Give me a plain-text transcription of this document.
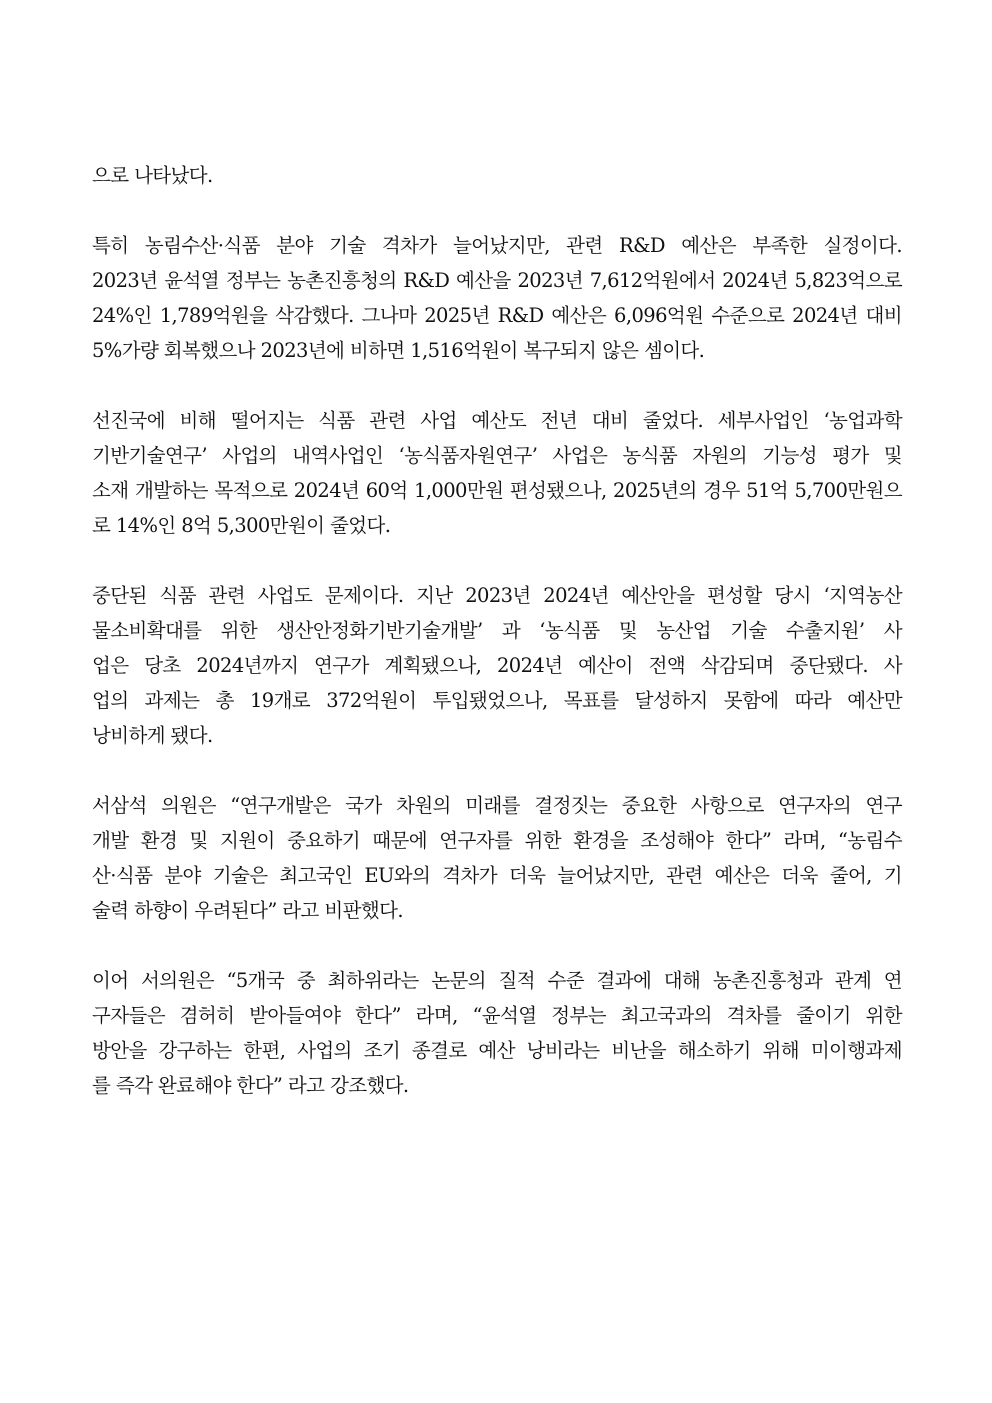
으로 나타났다.
특히 농림수산·식품 분야 기술 격차가 늘어났지만, 관련 R&D 예산은 부족한 실정이다.
2023년 윤석열 정부는 농촌진흥청의 R&D 예산을 2023년 7,612억원에서 2024년 5,823억으로
24%인 1,789억원을 삭감했다. 그나마 2025년 R&D 예산은 6,096억원 수준으로 2024년 대비
5%가량 회복했으나 2023년에 비하면 1,516억원이 복구되지 않은 셈이다.
선진국에 비해 떨어지는 식품 관련 사업 예산도 전년 대비 줄었다. 세부사업인 ‘농업과학
기반기술연구’ 사업의 내역사업인 ‘농식품자원연구’ 사업은 농식품 자원의 기능성 평가 및
소재 개발하는 목적으로 2024년 60억 1,000만원 편성됐으나, 2025년의 경우 51억 5,700만원으
로 14%인 8억 5,300만원이 줄었다.
중단된 식품 관련 사업도 문제이다. 지난 2023년 2024년 예산안을 편성할 당시 ‘지역농산
물소비확대를 위한 생산안정화기반기술개발’ 과 ‘농식품 및 농산업 기술 수출지원’ 사
업은 당초 2024년까지 연구가 계획됐으나, 2024년 예산이 전액 삭감되며 중단됐다. 사
업의 과제는 총 19개로 372억원이 투입됐었으나, 목표를 달성하지 못함에 따라 예산만
낭비하게 됐다.
서삼석 의원은 “연구개발은 국가 차원의 미래를 결정짓는 중요한 사항으로 연구자의 연구
개발 환경 및 지원이 중요하기 때문에 연구자를 위한 환경을 조성해야 한다” 라며, “농림수
산·식품 분야 기술은 최고국인 EU와의 격차가 더욱 늘어났지만, 관련 예산은 더욱 줄어, 기
술력 하향이 우려된다” 라고 비판했다.
이어 서의원은 “5개국 중 최하위라는 논문의 질적 수준 결과에 대해 농촌진흥청과 관계 연
구자들은 겸허히 받아들여야 한다” 라며, “윤석열 정부는 최고국과의 격차를 줄이기 위한
방안을 강구하는 한편, 사업의 조기 종결로 예산 낭비라는 비난을 해소하기 위해 미이행과제
를 즉각 완료해야 한다” 라고 강조했다.
